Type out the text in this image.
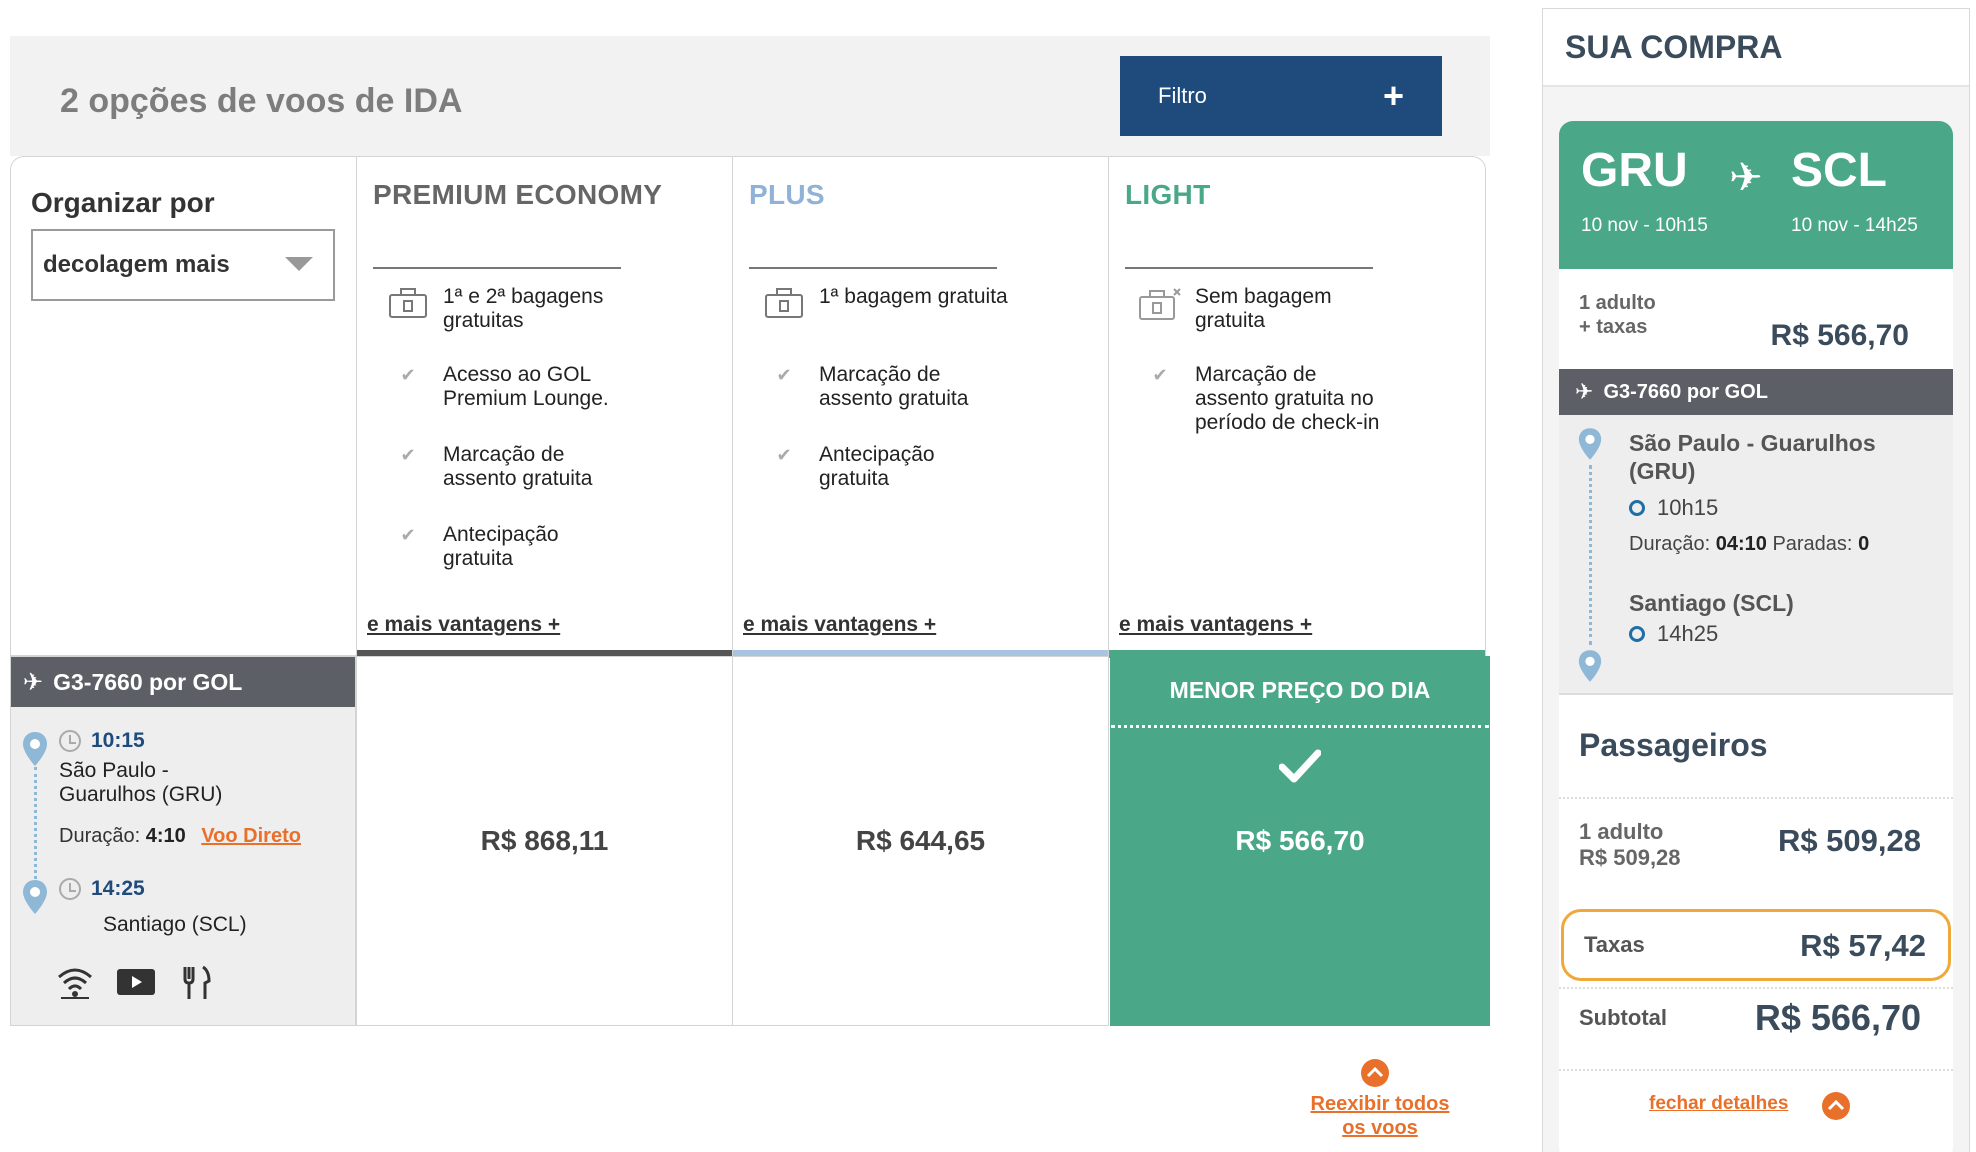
2 opções de voos de IDA	Filtro	+
Organizar por
decolagem mais
PREMIUM ECONOMY
1ª e 2ª bagagens gratuitas
✔	Acesso ao GOL Premium Lounge.
✔	Marcação de assento gratuita
✔	Antecipação gratuita
e mais vantagens +
PLUS
1ª bagagem gratuita
✔	Marcação de assento gratuita
✔	Antecipação gratuita
e mais vantagens +
LIGHT
Sem bagagem gratuita
✔	Marcação de assento gratuita no período de check-in
e mais vantagens +
✈ G3-7660 por GOL
10:15
São Paulo - Guarulhos (GRU)
Duração: 4:10 Voo Direto
14:25
Santiago (SCL)
R$ 868,11	R$ 644,65
MENOR PREÇO DO DIA
R$ 566,70
Reexibir todos os voos
SUA COMPRA
GRU ✈ SCL
10 nov - 10h15	10 nov - 14h25
1 adulto
+ taxas	R$ 566,70
✈ G3-7660 por GOL
São Paulo - Guarulhos (GRU)
10h15
Duração: 04:10 Paradas: 0
Santiago (SCL)
14h25
Passageiros
1 adulto
R$ 509,28	R$ 509,28
Taxas	R$ 57,42
Subtotal R$ 566,70
fechar detalhes
